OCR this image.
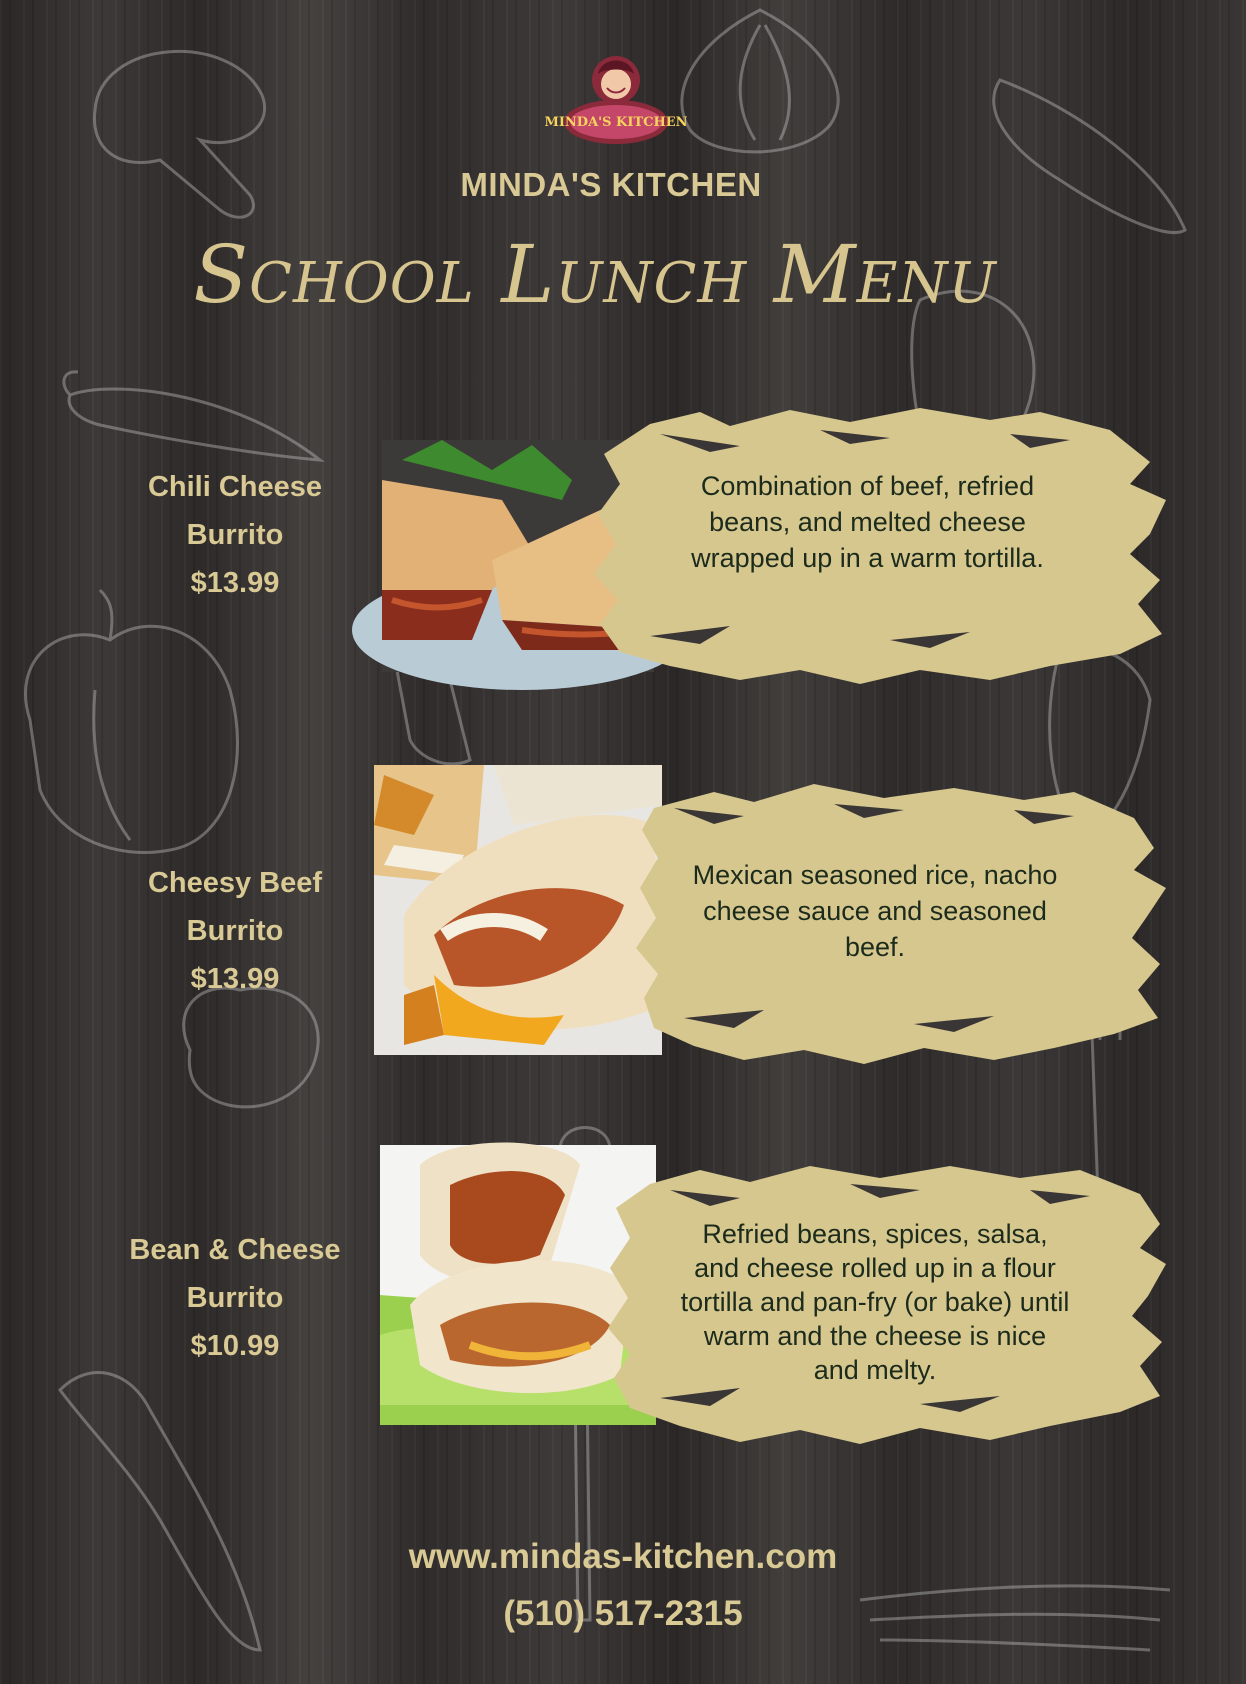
MINDA'S KITCHEN
MINDA'S KITCHEN
School Lunch Menu
Chili Cheese
Burrito
$13.99
Combination of beef, refried beans, and melted cheese wrapped up in a warm tortilla.
Cheesy Beef
Burrito
$13.99
Mexican seasoned rice, nacho cheese sauce and seasoned beef.
Bean & Cheese
Burrito
$10.99
Refried beans, spices, salsa, and cheese rolled up in a flour tortilla and pan-fry (or bake) until warm and the cheese is nice and melty.
www.mindas-kitchen.com
(510) 517-2315
